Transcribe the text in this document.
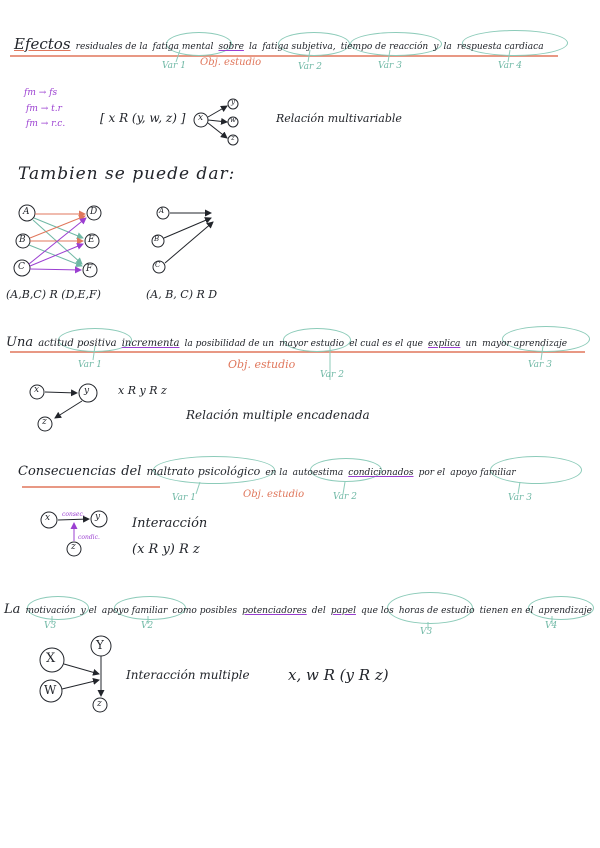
Efectos residuales de la fatiga mental sobre la fatiga subjetiva, tiempo de reacción y la respuesta cardiaca
Var 1 Obj. estudio	Var 2	Var 3	Var 4
fm → fs
fm → t.r
fm → r.c.	[ x R (y, w, z) ] x
y
w
z
Relación multivariable
Tambien se puede dar:
A
B
C
D
E
F
(A,B,C) R (D,E,F)
A
B
C
(A, B, C) R D
Una actitud positiva incrementa la posibilidad de un mayor estudio el cual es el que explica un mayor aprendizaje
Var 1	Obj. estudio
Var 2
Var 3
x	y
z
x R y R z
Relación multiple encadenada
Consecuencias del maltrato psicológico en la autoestima condicionados por el apoyo familiar
Var 1	Obj. estudio	Var 2	Var 3
x	y
z
consec.
condic.
Interacción
(x R y) R z
La motivación y el apoyo familiar como posibles potenciadores del papel que los horas de estudio tienen en el aprendizaje
V3	V2
V3
V4
X
W
Y
z
Interacción multiple	x, w R (y R z)
